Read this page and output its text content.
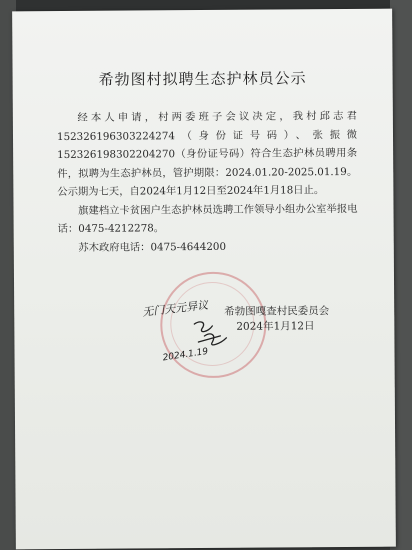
希勃图村拟聘生态护林员公示

经本人申请，村两委班子会议决定，我村邱志君152326196303224274（身份证号码）、张振微152326198302204270（身份证号码）符合生态护林员聘用条件，拟聘为生态护林员，管护期限：2024.01.20-2025.01.19。公示期为七天，自2024年1月12日至2024年1月18日止。

旗建档立卡贫困户生态护林员选聘工作领导小组办公室举报电话：0475-4212278。

苏木政府电话：0475-4644200

希勃图嘎查村民委员会
2024年1月12日
无门天元异议
2024.1.19
